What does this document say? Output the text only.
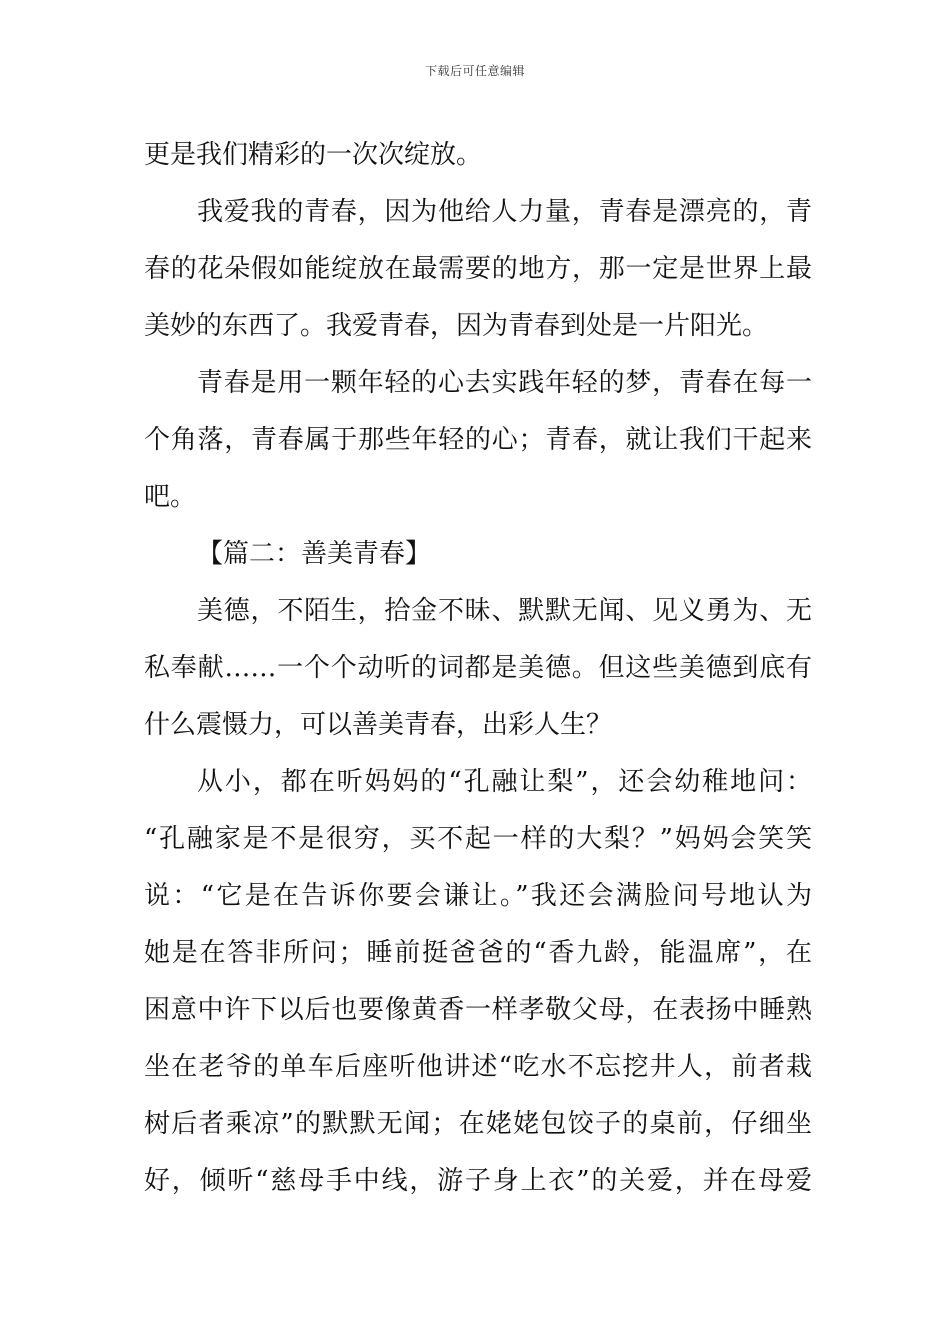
下载后可任意编辑
更是我们精彩的一次次绽放。
我爱我的青春，因为他给人力量，青春是漂亮的，青
春的花朵假如能绽放在最需要的地方，那一定是世界上最
美妙的东西了。我爱青春，因为青春到处是一片阳光。
青春是用一颗年轻的心去实践年轻的梦，青春在每一
个角落，青春属于那些年轻的心；青春，就让我们干起来
吧。
【篇二：善美青春】
美德，不陌生，拾金不昧、默默无闻、见义勇为、无
私奉献……一个个动听的词都是美德。但这些美德到底有
什么震慑力，可以善美青春，出彩人生？
从小，都在听妈妈的“孔融让梨”，还会幼稚地问：
“孔融家是不是很穷，买不起一样的大梨？”妈妈会笑笑
说：“它是在告诉你要会谦让。”我还会满脸问号地认为
她是在答非所问；睡前挺爸爸的“香九龄，能温席”，在
困意中许下以后也要像黄香一样孝敬父母，在表扬中睡熟
坐在老爷的单车后座听他讲述“吃水不忘挖井人，前者栽
树后者乘凉”的默默无闻；在姥姥包饺子的桌前，仔细坐
好，倾听“慈母手中线，游子身上衣”的关爱，并在母爱
